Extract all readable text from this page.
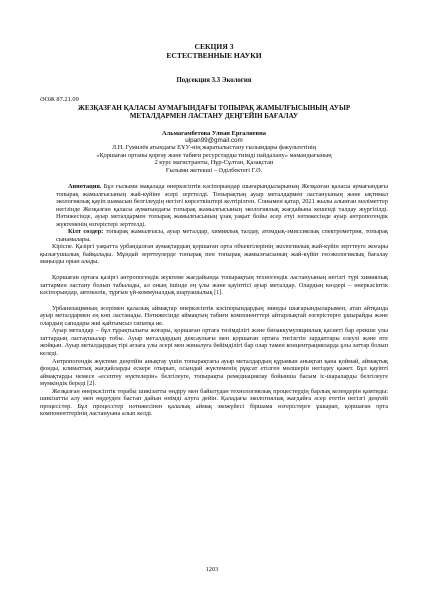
СЕКЦИЯ 3
ЕСТЕСТВЕННЫЕ НАУКИ
Подсекция 3.3 Экология
ӘОЖ 87.21.09
ЖЕЗҚАЗҒАН ҚАЛАСЫ АУМАҒЫНДАҒЫ ТОПЫРАҚ ЖАМЫЛҒЫСЫНЫҢ АУЫР
МЕТАЛДАРМЕН ЛАСТАНУ ДЕҢГЕЙІН БАҒАЛАУ
Альмагамбетова Улпан Ергалиевна
ulpan99@gmail.com
Л.Н. Гумилёв атындағы ЕҰУ-нің жаратылыстану ғылымдары факультетінің
«Қоршаған ортаны қорғау және табиғи ресурстарды тиімді пайдалану» мамандығының
2 курс магистранты, Нұр-Сұлтан, Қазақстан
Ғылыми жетекші – Әділбектеғі Г.Ә.

Аннотация. Бұл ғылыми мақалада өнеркәсіптік кәсіпорындар шығарындыларының Жезқазған қаласы аумағындағы топырақ жамылғысының жай-күйіне әсері зерттелді. Топырақтың ауыр металдармен ластануының және ықтимал экологиялық қауіп шамасын белгілеудің негізгі көрсеткіштері келтірілген. Сонымен қатар, 2021 жылы алынған мәліметтер негізінде Жезқазған қаласы аумағындағы топырақ жамылғысының экологиялық жағдайына кешенді талдау жүргізілді. Нәтижесінде, ауыр металдармен топырақ жамылғысының ұзақ уақыт бойы әсер етуі нәтижесінде ауыр антропогендік жүктеменің өзгерістері зерттелді.

Кілт сөздер: топырақ жамылғысы, ауыр металдар, химиялық талдау, атомдық-эмиссиялық спектрометрия, топырақ сынамалары.

Кіріспе. Қазіргі уақытта урбандалған аумақтардың қоршаған орта объектілерінің экологиялық жай-күйін зерттеуге жоғары қызығушылық байқалады. Мұндай зерттеулерде топырақ пен топырақ жамылғысының жай-күйін геоэкологиялық бағалау маңызды орын алады.

Қоршаған ортаға қазіргі антропогендік жүктеме жағдайында топырақтың техногендік ластануының негізгі түрі химиялық заттармен ластану болып табылады, ал оның ішінде ең ұлы және қауіптісі ауыр металдар. Олардың көздері – өнеркәсіптік кәсіпорындар, автокөлік, тұрғын үй-коммуналдық шаруашылық [1].

Урбанизацияның әсерімен қалалық аймақтар өнеркәсіптік кәсіпорындардың зиянды шығарындыларымен, атап айтқанда ауыр металдармен ең көп ластанады. Нәтижесінде аймақтың табиғи компоненттері айтарлықтай өзгерістерге ұшырайды және олардың сападары жиі қайтымсыз сипатқа ие.

Ауыр металдар – бұл тұрақтылығы жоғары, қоршаған ортаға төзімділігі және биоаккумуляциялық қасиеті бар ерекше улы заттардың ластаушылар тобы. Ауыр металдардың дексаулығы мен қоршаған ортаға тигізетін зардаптары елеулі және өте жойқын. Ауыр металдардың тірі ағзаға улы әсері мен жиналуға бейімділігі бар олар тамен концентрацияларда ұлы заттар болып келеді.

Антропогендік жүктеме деңгейін анықтау үшін топырақтағы ауыр металдардың құрамын анықтап қана қоймай, аймақтық фонды, климаттық жағдайларды ескере отырып, осындай жүктеменің рұқсат етілген мөлшерін негіздеу қажет. Бұл қауіпті аймақтарды немесе «есептеу нүктелерін» белгілеуге, топырақты ремедиациялау бойынша басым іс-шараларды белгілеуге мүмкіндік береді [2].

Жезқазған өнеркәсіптік торабы шикізатты өндіру мен байытудан технологиялық процестердің барлық кезеңдерін қамтиды: шикізатты алу мен өңдеуден бастап дайын өнімді алуға дейін. Қаладағы экологиялық жағдайға әсер ететін негізгі деңгейі процесстер. Бұл процесстер нәтижесінен қалалық аймақ экожүйесі біршама өзгерістерге ұшырап, қоршаған орта компоненттерінің ластануына алып келді.

1203
